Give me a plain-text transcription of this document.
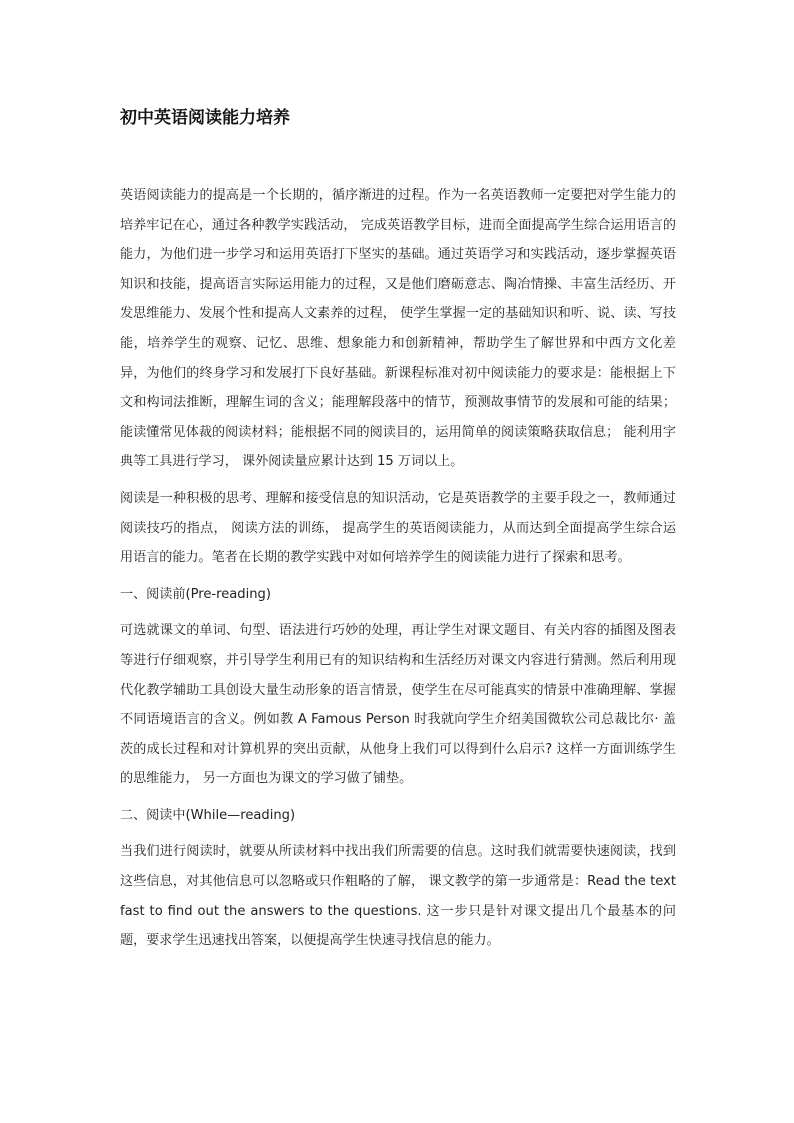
初中英语阅读能力培养

英语阅读能力的提高是一个长期的，循序渐进的过程。作为一名英语教师一定要把对学生能力的培养牢记在心，通过各种教学实践活动， 完成英语教学目标，进而全面提高学生综合运用语言的能力，为他们进一步学习和运用英语打下坚实的基础。通过英语学习和实践活动，逐步掌握英语知识和技能，提高语言实际运用能力的过程，又是他们磨砺意志、陶冶情操、丰富生活经历、开发思维能力、发展个性和提高人文素养的过程， 使学生掌握一定的基础知识和听、说、读、写技能，培养学生的观察、记忆、思维、想象能力和创新精神，帮助学生了解世界和中西方文化差异，为他们的终身学习和发展打下良好基础。新课程标准对初中阅读能力的要求是：能根据上下文和构词法推断，理解生词的含义；能理解段落中的情节，预测故事情节的发展和可能的结果；能读懂常见体裁的阅读材料；能根据不同的阅读目的，运用简单的阅读策略获取信息； 能利用字典等工具进行学习， 课外阅读量应累计达到 15 万词以上。

阅读是一种积极的思考、理解和接受信息的知识活动，它是英语教学的主要手段之一，教师通过阅读技巧的指点， 阅读方法的训练， 提高学生的英语阅读能力，从而达到全面提高学生综合运用语言的能力。笔者在长期的教学实践中对如何培养学生的阅读能力进行了探索和思考。

一、阅读前(Pre-reading)

可选就课文的单词、句型、语法进行巧妙的处理，再让学生对课文题目、有关内容的插图及图表等进行仔细观察，并引导学生利用已有的知识结构和生活经历对课文内容进行猜测。然后利用现代化教学辅助工具创设大量生动形象的语言情景，使学生在尽可能真实的情景中准确理解、掌握不同语境语言的含义。例如教 A Famous Person 时我就向学生介绍美国微软公司总裁比尔· 盖茨的成长过程和对计算机界的突出贡献，从他身上我们可以得到什么启示? 这样一方面训练学生的思维能力， 另一方面也为课文的学习做了铺垫。

二、阅读中(While—reading)

当我们进行阅读时，就要从所读材料中找出我们所需要的信息。这时我们就需要快速阅读，找到这些信息，对其他信息可以忽略或只作粗略的了解， 课文教学的第一步通常是：Read the text fast to find out the answers to the questions. 这一步只是针对课文提出几个最基本的问题，要求学生迅速找出答案，以便提高学生快速寻找信息的能力。
